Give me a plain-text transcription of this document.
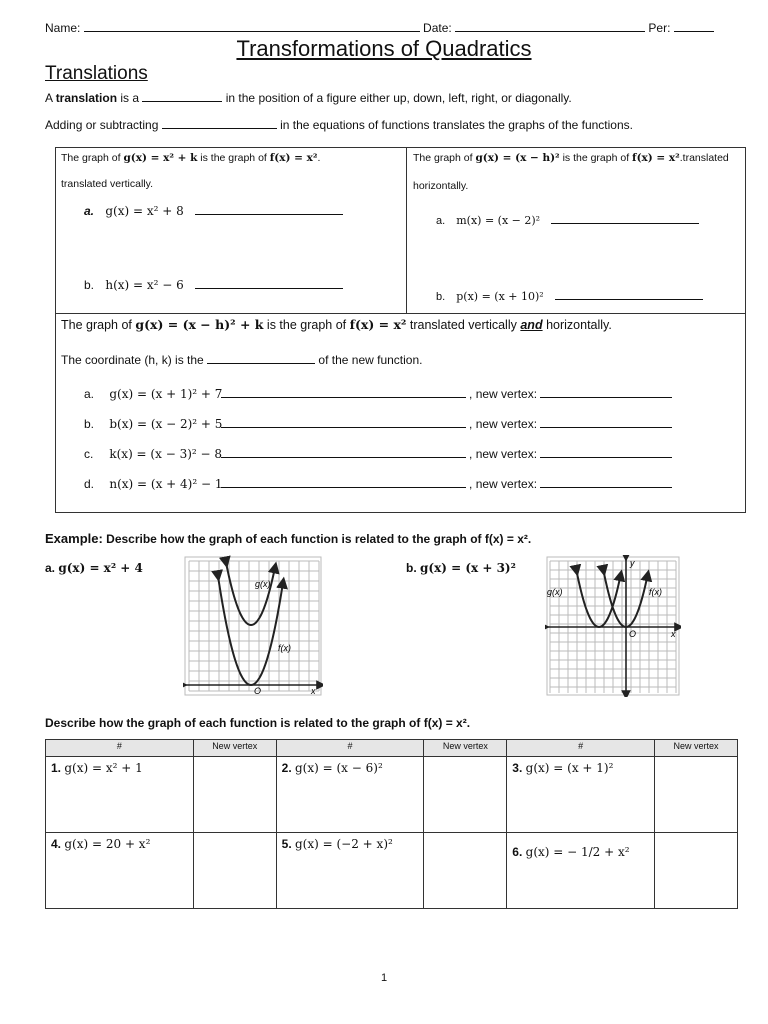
Name:	Date:	Per:
Transformations of Quadratics
Translations
A translation is a	in the position of a figure either up, down, left, right, or diagonally.
Adding or subtracting	in the equations of functions translates the graphs of the functions.
The graph of g(x) = x² + k is the graph of f(x) = x².
translated vertically.
a. g(x) = x² + 8
b. h(x) = x² − 6
The graph of g(x) = (x − h)² is the graph of f(x) = x².translated
horizontally.
a. m(x) = (x − 2)²
b. p(x) = (x + 10)²
The graph of g(x) = (x − h)² + k is the graph of f(x) = x² translated vertically and horizontally.
The coordinate (h, k) is the	of the new function.
a. g(x) = (x + 1)² + 7	, new vertex:
b. b(x) = (x − 2)² + 5	, new vertex:
c. k(x) = (x − 3)² − 8	, new vertex:
d. n(x) = (x + 4)² − 1	, new vertex:
Example: Describe how the graph of each function is related to the graph of f(x) = x².
a. g(x) = x² + 4	b. g(x) = (x + 3)²
g(x)
f(x)
O	x
g(x)	f(x)
O	x
y
Describe how the graph of each function is related to the graph of f(x) = x².
#	New vertex	#	New vertex	#	New vertex
1. g(x) = x² + 1		2. g(x) = (x − 6)²		3. g(x) = (x + 1)²	
4. g(x) = 20 + x²		5. g(x) = (−2 + x)²		6. g(x) = − 1/2 + x²	
1
